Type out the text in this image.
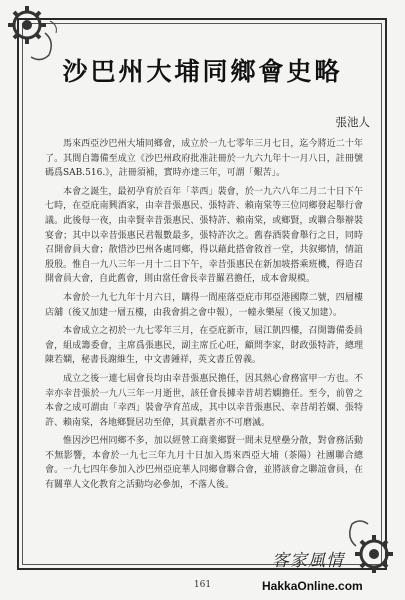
沙巴州大埔同鄉會史略
張池人

馬來西亞沙巴州大埔同鄉會，成立於一九七零年三月七日，迄今將近二十年了。其間自籌備至成立《沙巴州政府批准註冊於一九六九年十一月八日，註冊號碼爲SAB.516.》，註冊須補，實時亦達三年，可謂「艱苦」。

本會之誕生，最初孕育於百年「莘西」裝會，於一九六八年二月二十日下午七時，在亞庇南興酒家，由幸昔張惠民、張特許、賴南棠等三位同鄉發起舉行會議。此後每一夜，由幸賢幸昔張惠民、張特許、賴南棠，或鄉賢，或聯合舉辦裝宴會；其中以幸昔張惠民君報數最多，張特許次之。舊春酒裝會舉行之日，同時召開會員大會；散惜沙巴州各處同鄉，得以藉此搭會敘首一堂，共叙鄉情，情誼殷殷。惟自一九八三年一月十二日下午，幸昔張惠民在新加坡搭乘班機，得造召開會員大會，自此舊會，則由當任會長幸昔羅君擔任，成本會規模。

本會於一九七九年十月六日，購得一間座落亞庇市邦亞港國際二號，四層樓店舖（後又加建一層五樓，由我會捐之會中報），一幢永樂屋（後又加建）。

本會成立之初於一九七零年三月，在亞庇新市，屆江凱四樓，召開籌備委員會，組成籌委會，主席爲張惠民，副主席丘心旺，顧問李家，財政張特許，總理陳若嫻，秘書長謝維生，中文書鍾祥，英文書丘曾義。

成立之後一連七屆會長均由幸昔張惠民擔任，因其熱心會務富甲一方也。不幸亦幸昔張於一九八三年一月逝世，該任會長據幸昔胡若嫻擔任。至今，前曾之本會之成可謂由「幸西」裝會孕育茁成，其中以幸昔張惠民、幸昔胡若嫻、張特許、賴南棠，各地鄉賢居功至偉，其貢獻者亦不可磨滅。

惟因沙巴州同鄉不多，加以經營工商業鄉賢一間未見壁壘分散，對會務活動不無影響，本會於一九七三年九月十日加入馬來西亞大埔（茶陽）社團聯合總會。一九七四年參加入沙巴州亞庇華人同鄉會聯合會，並將該會之聯誼會員，在有關華人文化教育之活動均必參加，不落人後。

客家風情
161	HakkaOnline.com
